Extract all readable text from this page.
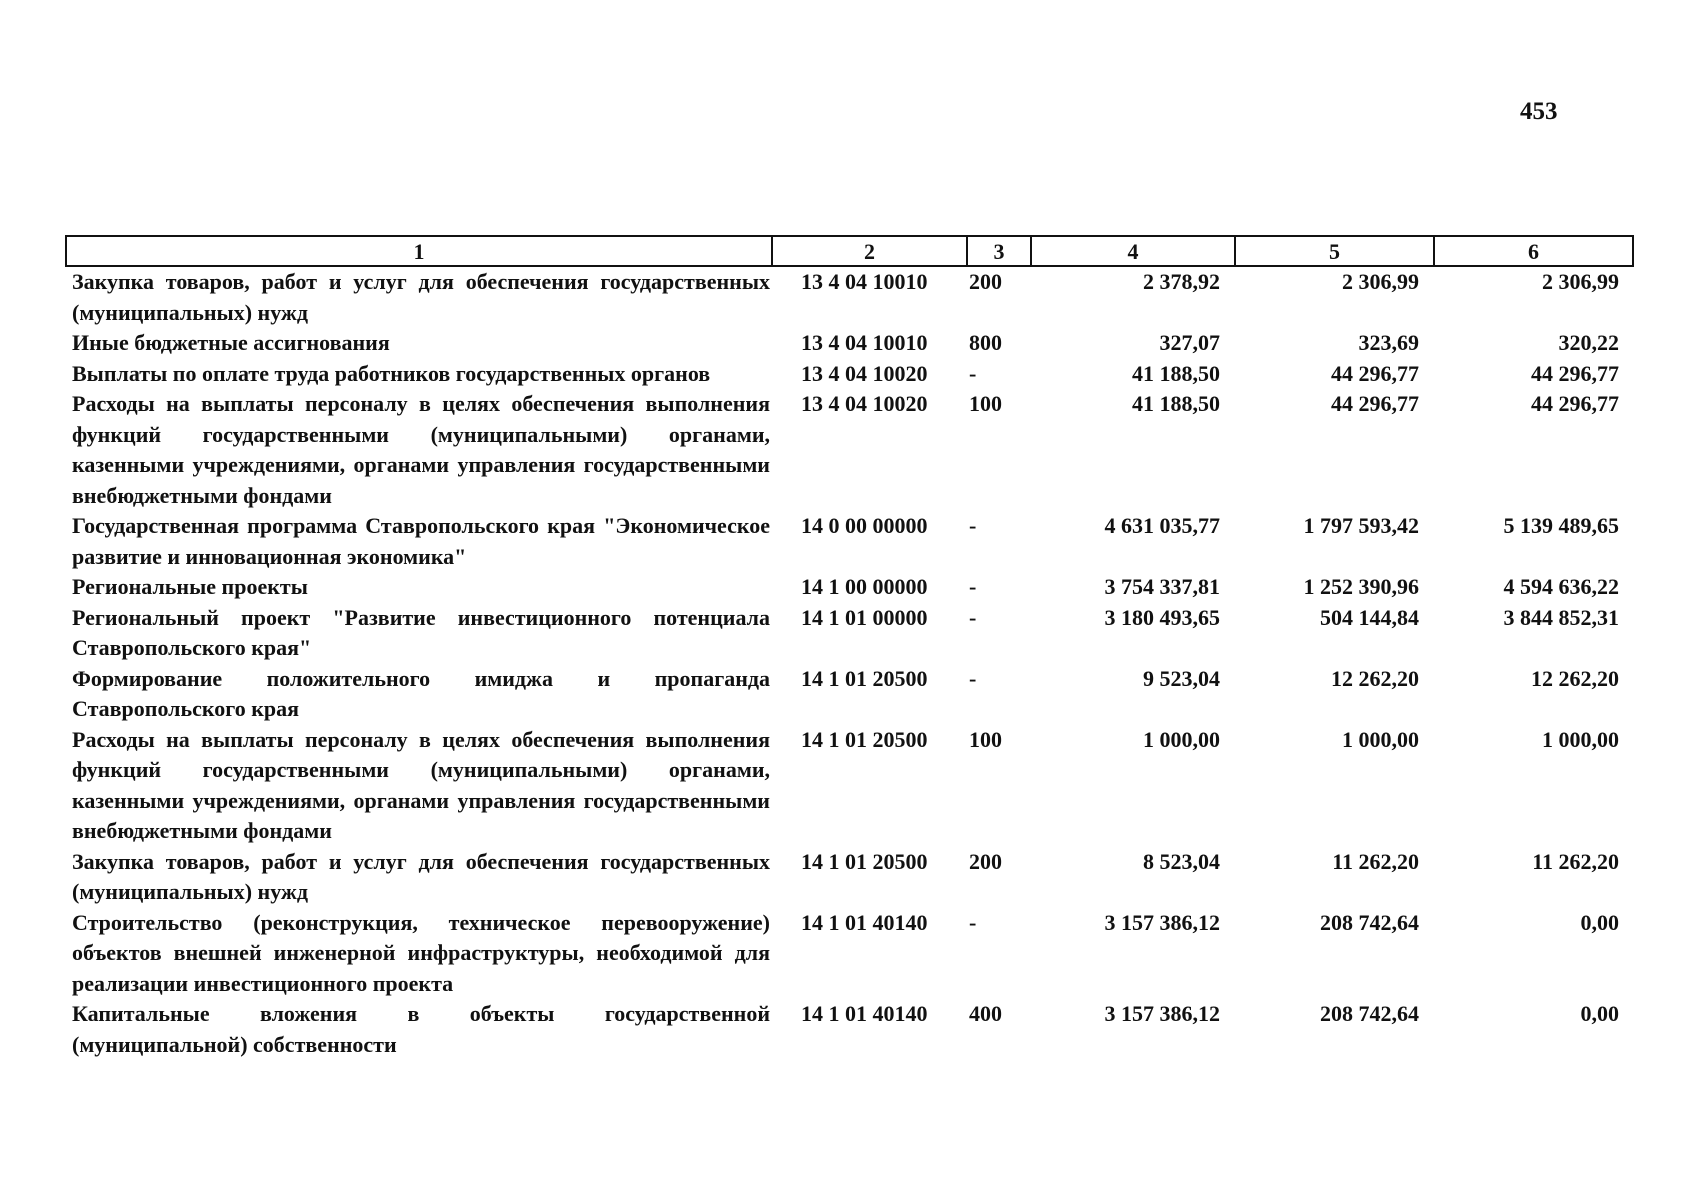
453
1	2	3	4	5	6
Закупка товаров, работ и услуг для обеспечения государственных (муниципальных) нужд	13 4 04 10010	200	2 378,92	2 306,99	2 306,99
Иные бюджетные ассигнования	13 4 04 10010	800	327,07	323,69	320,22
Выплаты по оплате труда работников государственных органов	13 4 04 10020	-	41 188,50	44 296,77	44 296,77
Расходы на выплаты персоналу в целях обеспечения выполнения функций государственными (муниципальными) органами, казенными учреждениями, органами управления государственными внебюджетными фондами	13 4 04 10020	100	41 188,50	44 296,77	44 296,77
Государственная программа Ставропольского края "Экономическое развитие и инновационная экономика"	14 0 00 00000	-	4 631 035,77	1 797 593,42	5 139 489,65
Региональные проекты	14 1 00 00000	-	3 754 337,81	1 252 390,96	4 594 636,22
Региональный проект "Развитие инвестиционного потенциала Ставропольского края"	14 1 01 00000	-	3 180 493,65	504 144,84	3 844 852,31
Формирование положительного имиджа и пропаганда Ставропольского края	14 1 01 20500	-	9 523,04	12 262,20	12 262,20
Расходы на выплаты персоналу в целях обеспечения выполнения функций государственными (муниципальными) органами, казенными учреждениями, органами управления государственными внебюджетными фондами	14 1 01 20500	100	1 000,00	1 000,00	1 000,00
Закупка товаров, работ и услуг для обеспечения государственных (муниципальных) нужд	14 1 01 20500	200	8 523,04	11 262,20	11 262,20
Строительство (реконструкция, техническое перевооружение) объектов внешней инженерной инфраструктуры, необходимой для реализации инвестиционного проекта	14 1 01 40140	-	3 157 386,12	208 742,64	0,00
Капитальные вложения в объекты государственной (муниципальной) собственности	14 1 01 40140	400	3 157 386,12	208 742,64	0,00
